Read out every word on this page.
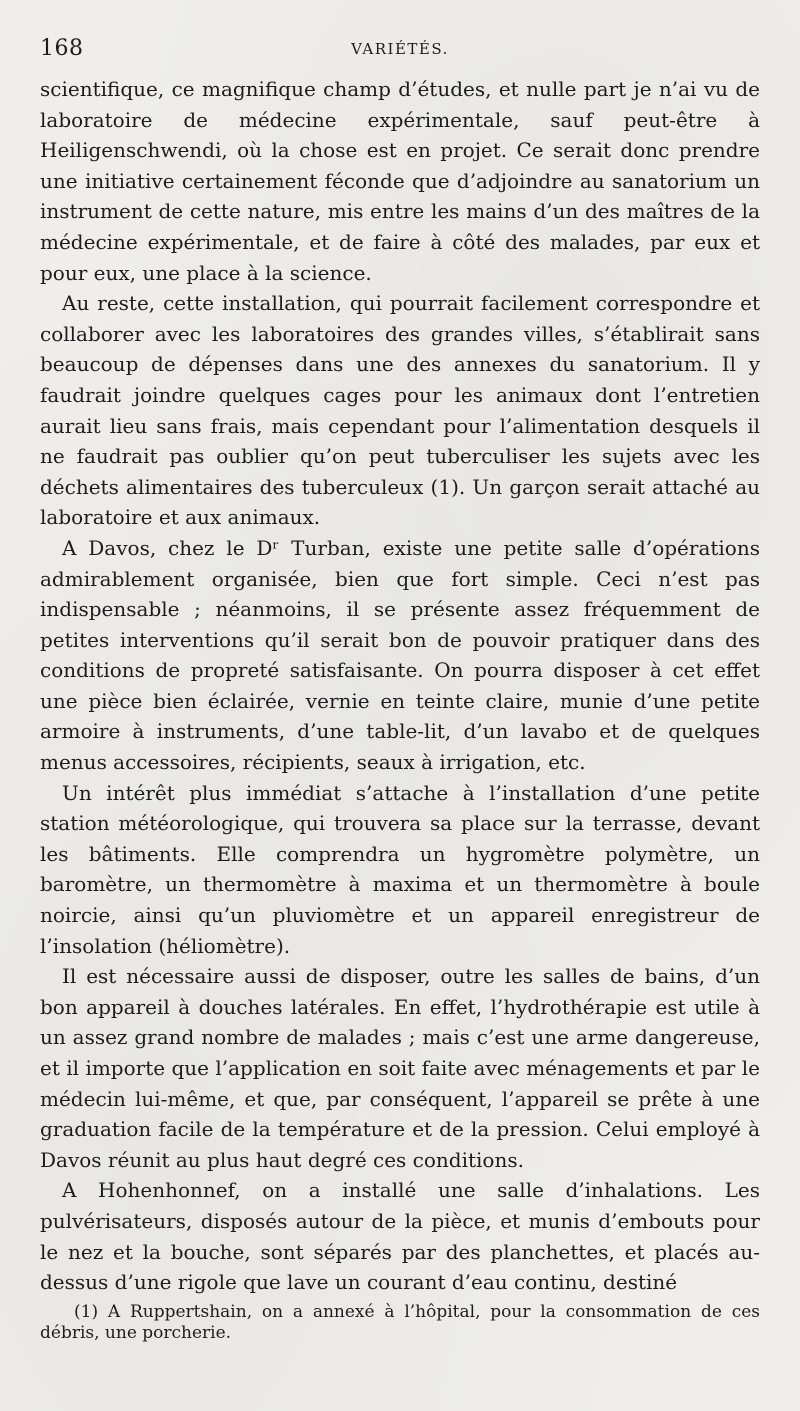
168	VARIÉTÉS.

scientifique, ce magnifique champ d’études, et nulle part je n’ai vu de laboratoire de médecine expérimentale, sauf peut-être à Heiligenschwendi, où la chose est en projet. Ce serait donc prendre une initiative certainement féconde que d’adjoindre au sanatorium un instrument de cette nature, mis entre les mains d’un des maîtres de la médecine expérimentale, et de faire à côté des malades, par eux et pour eux, une place à la science.

Au reste, cette installation, qui pourrait facilement correspondre et collaborer avec les laboratoires des grandes villes, s’établirait sans beaucoup de dépenses dans une des annexes du sanatorium. Il y faudrait joindre quelques cages pour les animaux dont l’entretien aurait lieu sans frais, mais cependant pour l’alimentation desquels il ne faudrait pas oublier qu’on peut tuberculiser les sujets avec les déchets alimentaires des tuberculeux (1). Un garçon serait attaché au laboratoire et aux animaux.

A Davos, chez le Dʳ Turban, existe une petite salle d’opérations admirablement organisée, bien que fort simple. Ceci n’est pas indispensable ; néanmoins, il se présente assez fréquemment de petites interventions qu’il serait bon de pouvoir pratiquer dans des conditions de propreté satisfaisante. On pourra disposer à cet effet une pièce bien éclairée, vernie en teinte claire, munie d’une petite armoire à instruments, d’une table-lit, d’un lavabo et de quelques menus accessoires, récipients, seaux à irrigation, etc.

Un intérêt plus immédiat s’attache à l’installation d’une petite station météorologique, qui trouvera sa place sur la terrasse, devant les bâtiments. Elle comprendra un hygromètre polymètre, un baromètre, un thermomètre à maxima et un thermomètre à boule noircie, ainsi qu’un pluviomètre et un appareil enregistreur de l’insolation (héliomètre).

Il est nécessaire aussi de disposer, outre les salles de bains, d’un bon appareil à douches latérales. En effet, l’hydrothérapie est utile à un assez grand nombre de malades ; mais c’est une arme dangereuse, et il importe que l’application en soit faite avec ménagements et par le médecin lui-même, et que, par conséquent, l’appareil se prête à une graduation facile de la température et de la pression. Celui employé à Davos réunit au plus haut degré ces conditions.

A Hohenhonnef, on a installé une salle d’inhalations. Les pulvérisateurs, disposés autour de la pièce, et munis d’embouts pour le nez et la bouche, sont séparés par des planchettes, et placés au-dessus d’une rigole que lave un courant d’eau continu, destiné

(1) A Ruppertshain, on a annexé à l’hôpital, pour la consommation de ces débris, une porcherie.
